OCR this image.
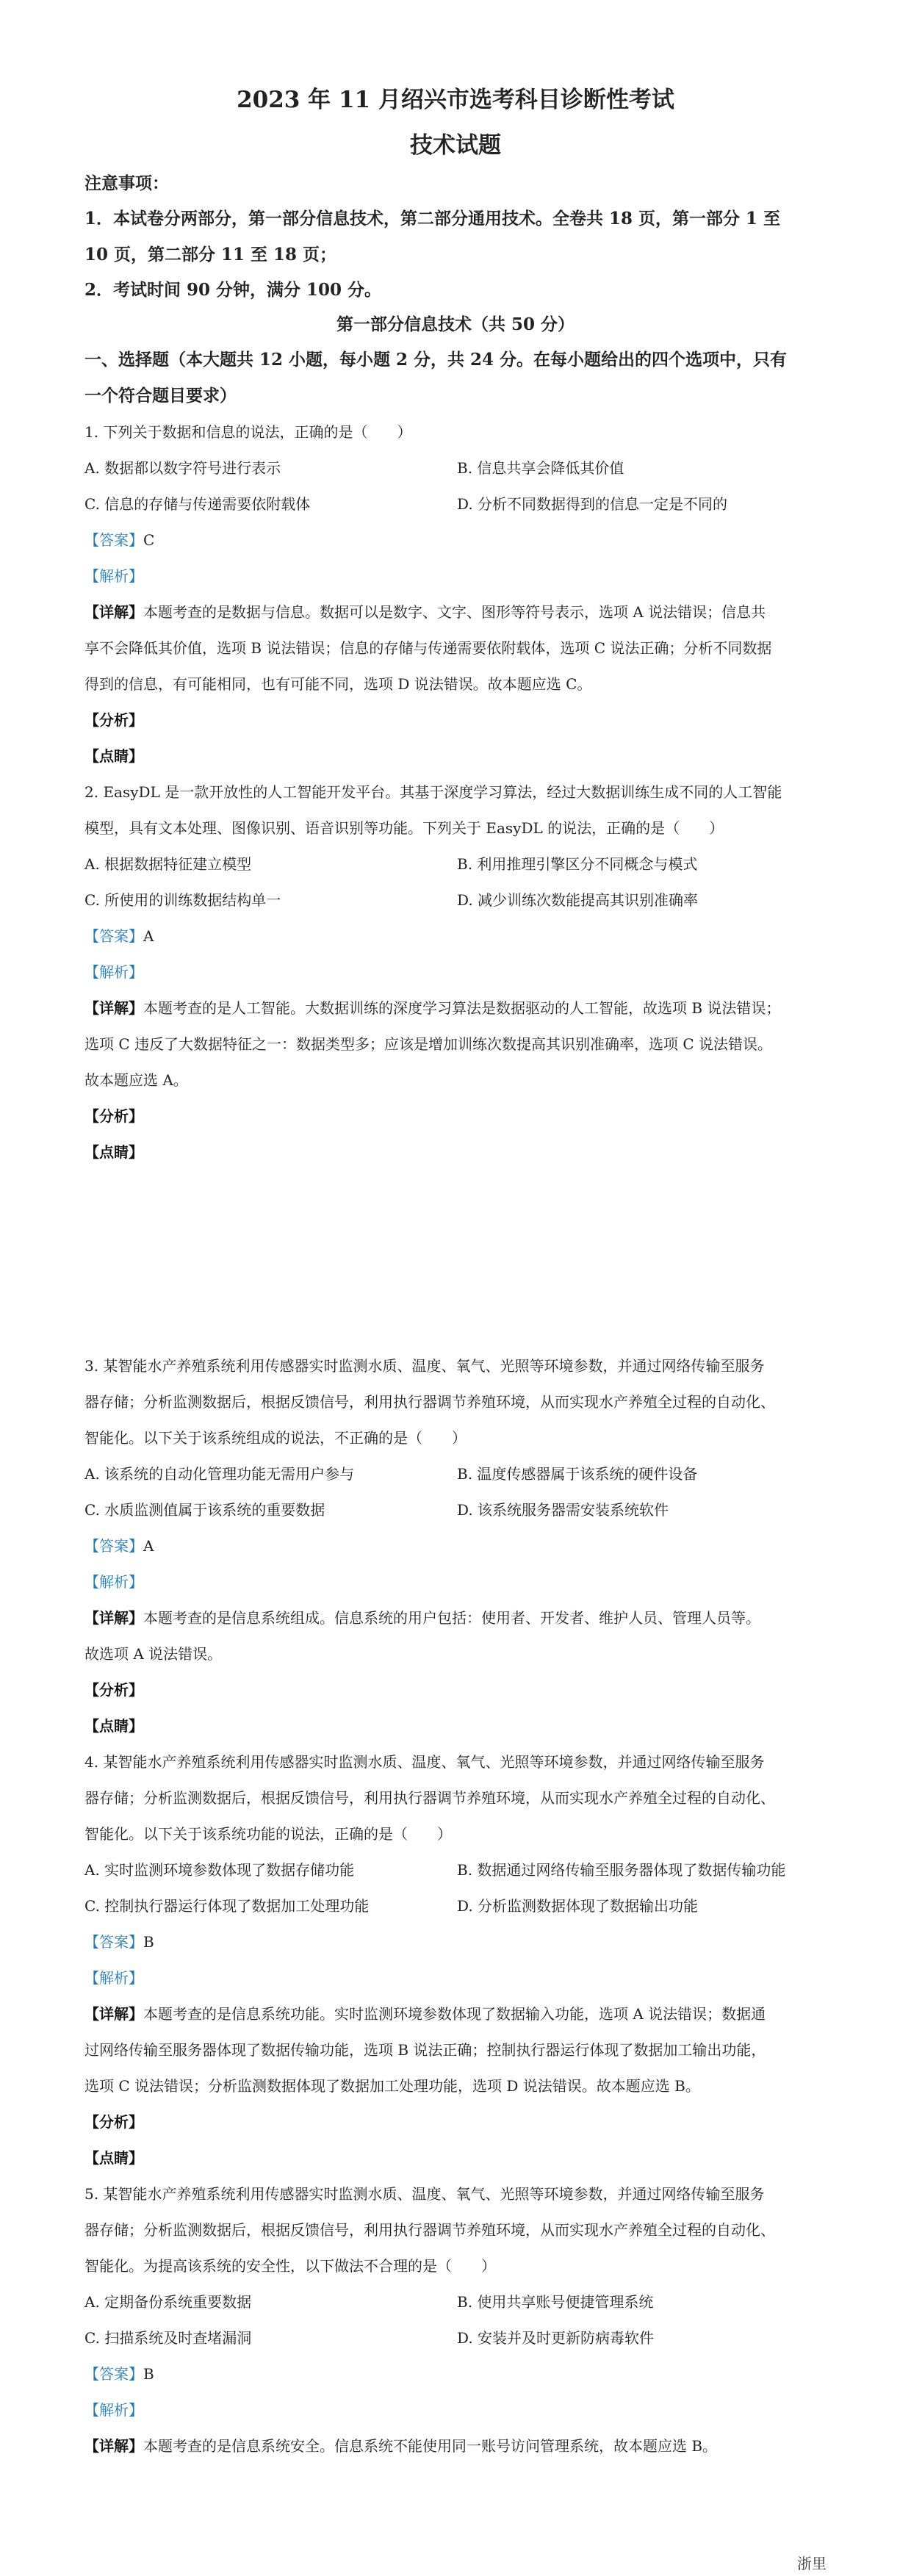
2023 年 11 月绍兴市选考科目诊断性考试
技术试题
注意事项：
1．本试卷分两部分，第一部分信息技术，第二部分通用技术。全卷共 18 页，第一部分 1 至
10 页，第二部分 11 至 18 页；
2．考试时间 90 分钟，满分 100 分。
第一部分信息技术（共 50 分）
一、选择题（本大题共 12 小题，每小题 2 分，共 24 分。在每小题给出的四个选项中，只有
一个符合题目要求）
1. 下列关于数据和信息的说法，正确的是（　　）
A. 数据都以数字符号进行表示	B. 信息共享会降低其价值
C. 信息的存储与传递需要依附载体	D. 分析不同数据得到的信息一定是不同的
【答案】C
【解析】
【详解】本题考查的是数据与信息。数据可以是数字、文字、图形等符号表示，选项 A 说法错误；信息共
享不会降低其价值，选项 B 说法错误；信息的存储与传递需要依附载体，选项 C 说法正确；分析不同数据
得到的信息，有可能相同，也有可能不同，选项 D 说法错误。故本题应选 C。
【分析】
【点睛】
2. EasyDL 是一款开放性的人工智能开发平台。其基于深度学习算法，经过大数据训练生成不同的人工智能
模型，具有文本处理、图像识别、语音识别等功能。下列关于 EasyDL 的说法，正确的是（　　）
A. 根据数据特征建立模型	B. 利用推理引擎区分不同概念与模式
C. 所使用的训练数据结构单一	D. 减少训练次数能提高其识别准确率
【答案】A
【解析】
【详解】本题考查的是人工智能。大数据训练的深度学习算法是数据驱动的人工智能，故选项 B 说法错误；
选项 C 违反了大数据特征之一：数据类型多；应该是增加训练次数提高其识别准确率，选项 C 说法错误。
故本题应选 A。
【分析】
【点睛】
3. 某智能水产养殖系统利用传感器实时监测水质、温度、氧气、光照等环境参数，并通过网络传输至服务
器存储；分析监测数据后，根据反馈信号，利用执行器调节养殖环境，从而实现水产养殖全过程的自动化、
智能化。以下关于该系统组成的说法，不正确的是（　　）
A. 该系统的自动化管理功能无需用户参与	B. 温度传感器属于该系统的硬件设备
C. 水质监测值属于该系统的重要数据	D. 该系统服务器需安装系统软件
【答案】A
【解析】
【详解】本题考查的是信息系统组成。信息系统的用户包括：使用者、开发者、维护人员、管理人员等。
故选项 A 说法错误。
【分析】
【点睛】
4. 某智能水产养殖系统利用传感器实时监测水质、温度、氧气、光照等环境参数，并通过网络传输至服务
器存储；分析监测数据后，根据反馈信号，利用执行器调节养殖环境，从而实现水产养殖全过程的自动化、
智能化。以下关于该系统功能的说法，正确的是（　　）
A. 实时监测环境参数体现了数据存储功能	B. 数据通过网络传输至服务器体现了数据传输功能
C. 控制执行器运行体现了数据加工处理功能	D. 分析监测数据体现了数据输出功能
【答案】B
【解析】
【详解】本题考查的是信息系统功能。实时监测环境参数体现了数据输入功能，选项 A 说法错误；数据通
过网络传输至服务器体现了数据传输功能，选项 B 说法正确；控制执行器运行体现了数据加工输出功能，
选项 C 说法错误；分析监测数据体现了数据加工处理功能，选项 D 说法错误。故本题应选 B。
【分析】
【点睛】
5. 某智能水产养殖系统利用传感器实时监测水质、温度、氧气、光照等环境参数，并通过网络传输至服务
器存储；分析监测数据后，根据反馈信号，利用执行器调节养殖环境，从而实现水产养殖全过程的自动化、
智能化。为提高该系统的安全性，以下做法不合理的是（　　）
A. 定期备份系统重要数据	B. 使用共享账号便捷管理系统
C. 扫描系统及时查堵漏洞	D. 安装并及时更新防病毒软件
【答案】B
【解析】
【详解】本题考查的是信息系统安全。信息系统不能使用同一账号访问管理系统，故本题应选 B。
浙里
